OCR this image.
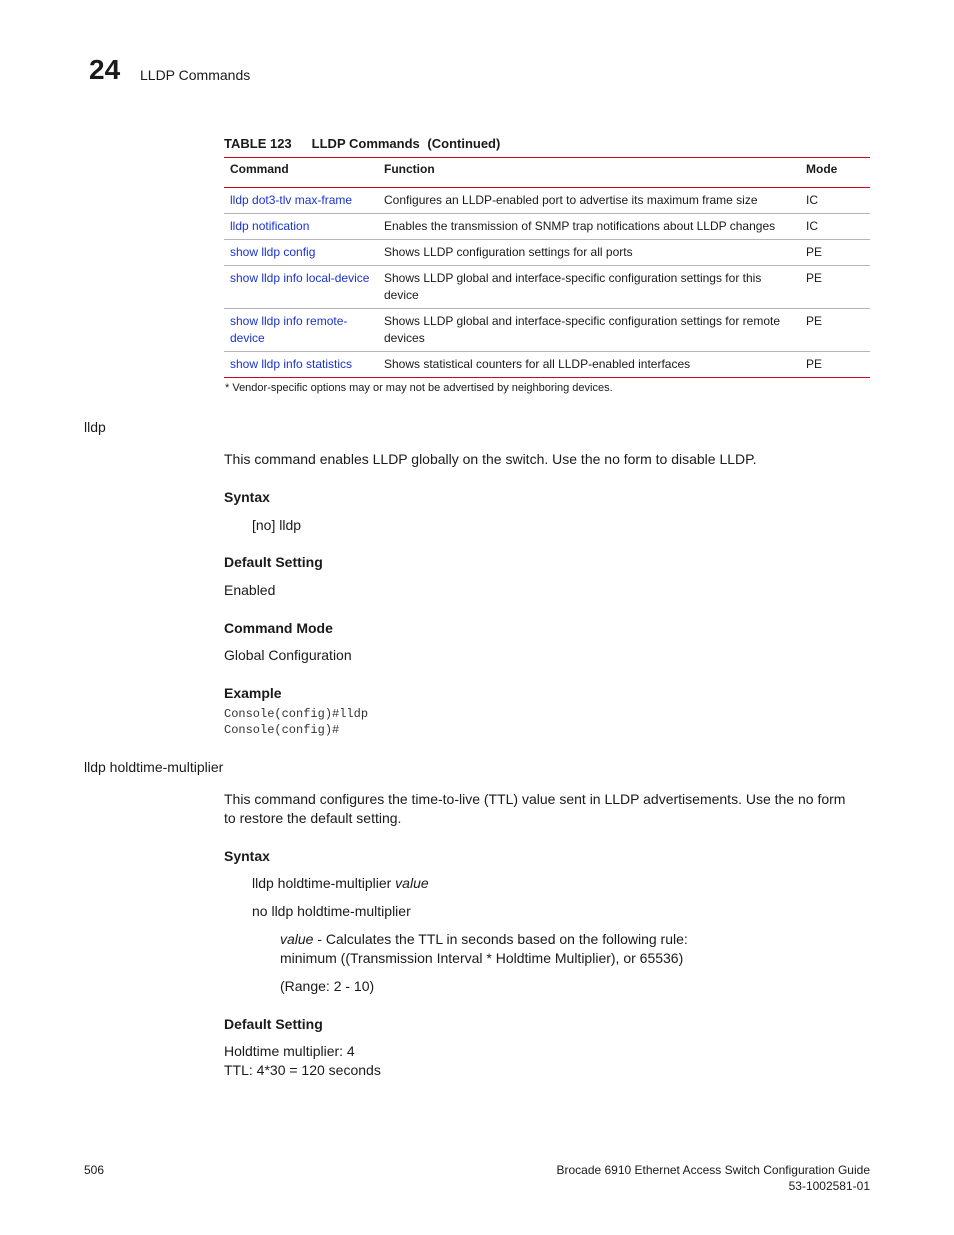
24 LLDP Commands
TABLE 123 LLDP Commands (Continued)
Command	Function	Mode
lldp dot3-tlv max-frame	Configures an LLDP-enabled port to advertise its maximum frame size	IC
lldp notification	Enables the transmission of SNMP trap notifications about LLDP changes	IC
show lldp config	Shows LLDP configuration settings for all ports	PE
show lldp info local-device	Shows LLDP global and interface-specific configuration settings for this device	PE
show lldp info remote-device	Shows LLDP global and interface-specific configuration settings for remote devices	PE
show lldp info statistics	Shows statistical counters for all LLDP-enabled interfaces	PE
* Vendor-specific options may or may not be advertised by neighboring devices.
lldp
This command enables LLDP globally on the switch. Use the no form to disable LLDP.
Syntax
[no] lldp
Default Setting
Enabled
Command Mode
Global Configuration
Example
Console(config)#lldp
Console(config)#
lldp holdtime-multiplier
This command configures the time-to-live (TTL) value sent in LLDP advertisements. Use the no form
to restore the default setting.
Syntax
lldp holdtime-multiplier value
no lldp holdtime-multiplier
value - Calculates the TTL in seconds based on the following rule:
minimum ((Transmission Interval * Holdtime Multiplier), or 65536)
(Range: 2 - 10)
Default Setting
Holdtime multiplier: 4
TTL: 4*30 = 120 seconds
506	Brocade 6910 Ethernet Access Switch Configuration Guide
53-1002581-01
